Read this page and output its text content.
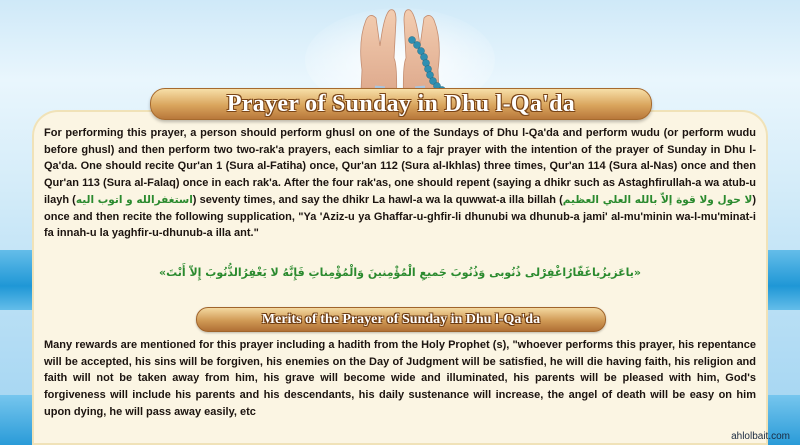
Prayer of Sunday in Dhu l-Qa'da

For performing this prayer, a person should perform ghusl on one of the Sundays of Dhu l-Qa'da and perform wudu (or perform wudu before ghusl) and then perform two two-rak'a prayers, each simliar to a fajr prayer with the intention of the prayer of Sunday in Dhu l-Qa'da. One should recite Qur'an 1 (Sura al-Fatiha) once, Qur'an 112 (Sura al-Ikhlas) three times, Qur'an 114 (Sura al-Nas) once and then Qur'an 113 (Sura al-Falaq) once in each rak'a. After the four rak'as, one should repent (saying a dhikr such as Astaghfirullah-a wa atub-u ilayh (استغفرالله و اتوب الیه) seventy times, and say the dhikr La hawl-a wa la quwwat-a illa billah (لا حول ولا قوة إلاّ بالله العلي العظیم) once and then recite the following supplication, "Ya 'Aziz-u ya Ghaffar-u-ghfir-li dhunubi wa dhunub-a jami' al-mu'minin wa-l-mu'minat-i fa innah-u la yaghfir-u-dhunub-a illa ant."

«یاعَزیزُیاغَفّارُاغْفِرْلی ذُنُوبی وَذُنُوبَ جَمیعِ الْمُؤْمِنینَ وَالْمُؤْمِناتِ فَإِنَّهُ لا یَغْفِرُالذُّنُوبَ إِلاّ أَنْتَ»

Merits of the Prayer of Sunday in Dhu l-Qa'da

Many rewards are mentioned for this prayer including a hadith from the Holy Prophet (s), "whoever performs this prayer, his repentance will be accepted, his sins will be forgiven, his enemies on the Day of Judgment will be satisfied, he will die having faith, his religion and faith will not be taken away from him, his grave will become wide and illuminated, his parents will be pleased with him, God's forgiveness will include his parents and his descendants, his daily sustenance will increase, the angel of death will be easy on him upon dying, he will pass away easily, etc

ahlolbait.com
